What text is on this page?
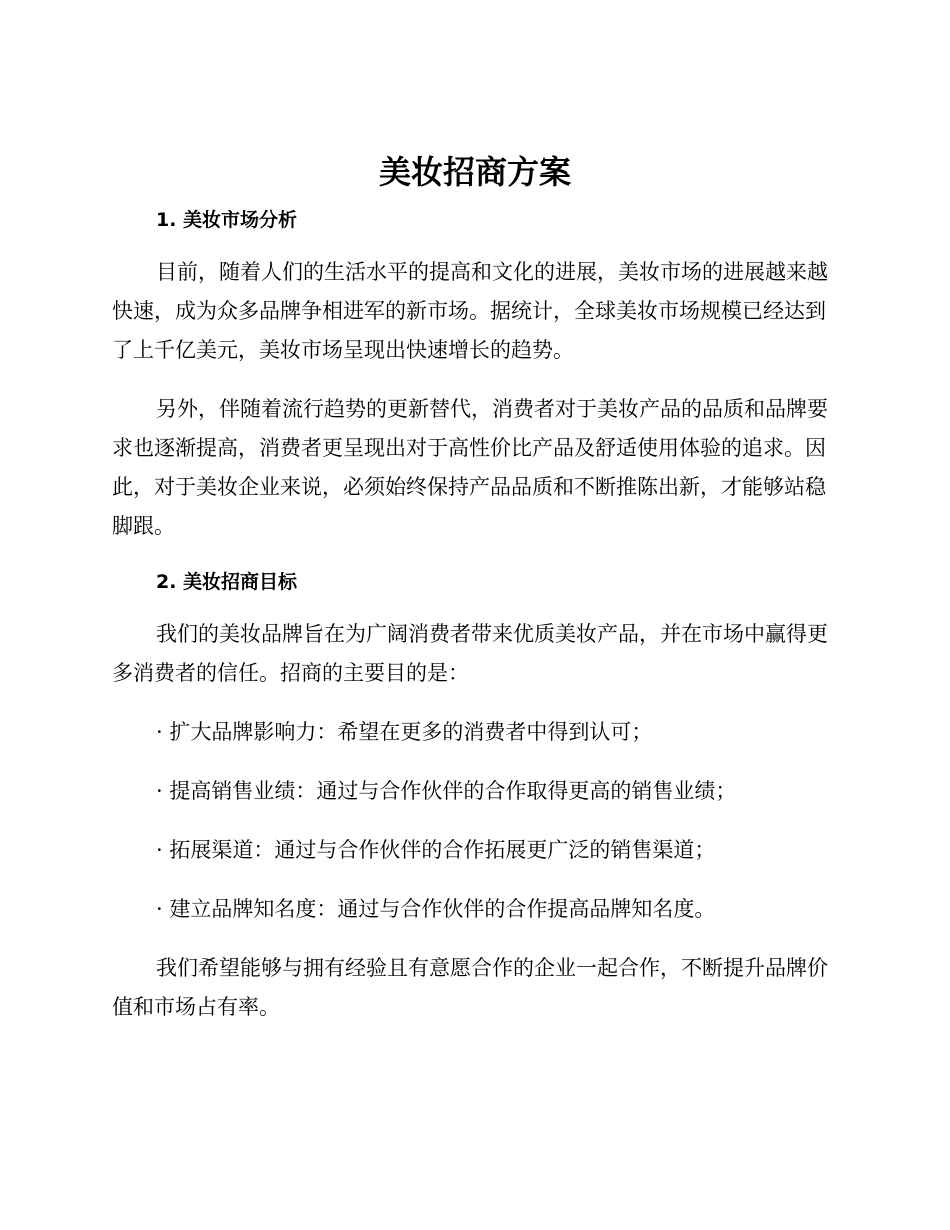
美妆招商方案
1. 美妆市场分析

目前，随着人们的生活水平的提高和文化的进展，美妆市场的进展越来越快速，成为众多品牌争相进军的新市场。据统计，全球美妆市场规模已经达到了上千亿美元，美妆市场呈现出快速增长的趋势。

另外，伴随着流行趋势的更新替代，消费者对于美妆产品的品质和品牌要求也逐渐提高，消费者更呈现出对于高性价比产品及舒适使用体验的追求。因此，对于美妆企业来说，必须始终保持产品品质和不断推陈出新，才能够站稳脚跟。

2. 美妆招商目标

我们的美妆品牌旨在为广阔消费者带来优质美妆产品，并在市场中赢得更多消费者的信任。招商的主要目的是：

· 扩大品牌影响力：希望在更多的消费者中得到认可；

· 提高销售业绩：通过与合作伙伴的合作取得更高的销售业绩；

· 拓展渠道：通过与合作伙伴的合作拓展更广泛的销售渠道；

· 建立品牌知名度：通过与合作伙伴的合作提高品牌知名度。

我们希望能够与拥有经验且有意愿合作的企业一起合作，不断提升品牌价值和市场占有率。
